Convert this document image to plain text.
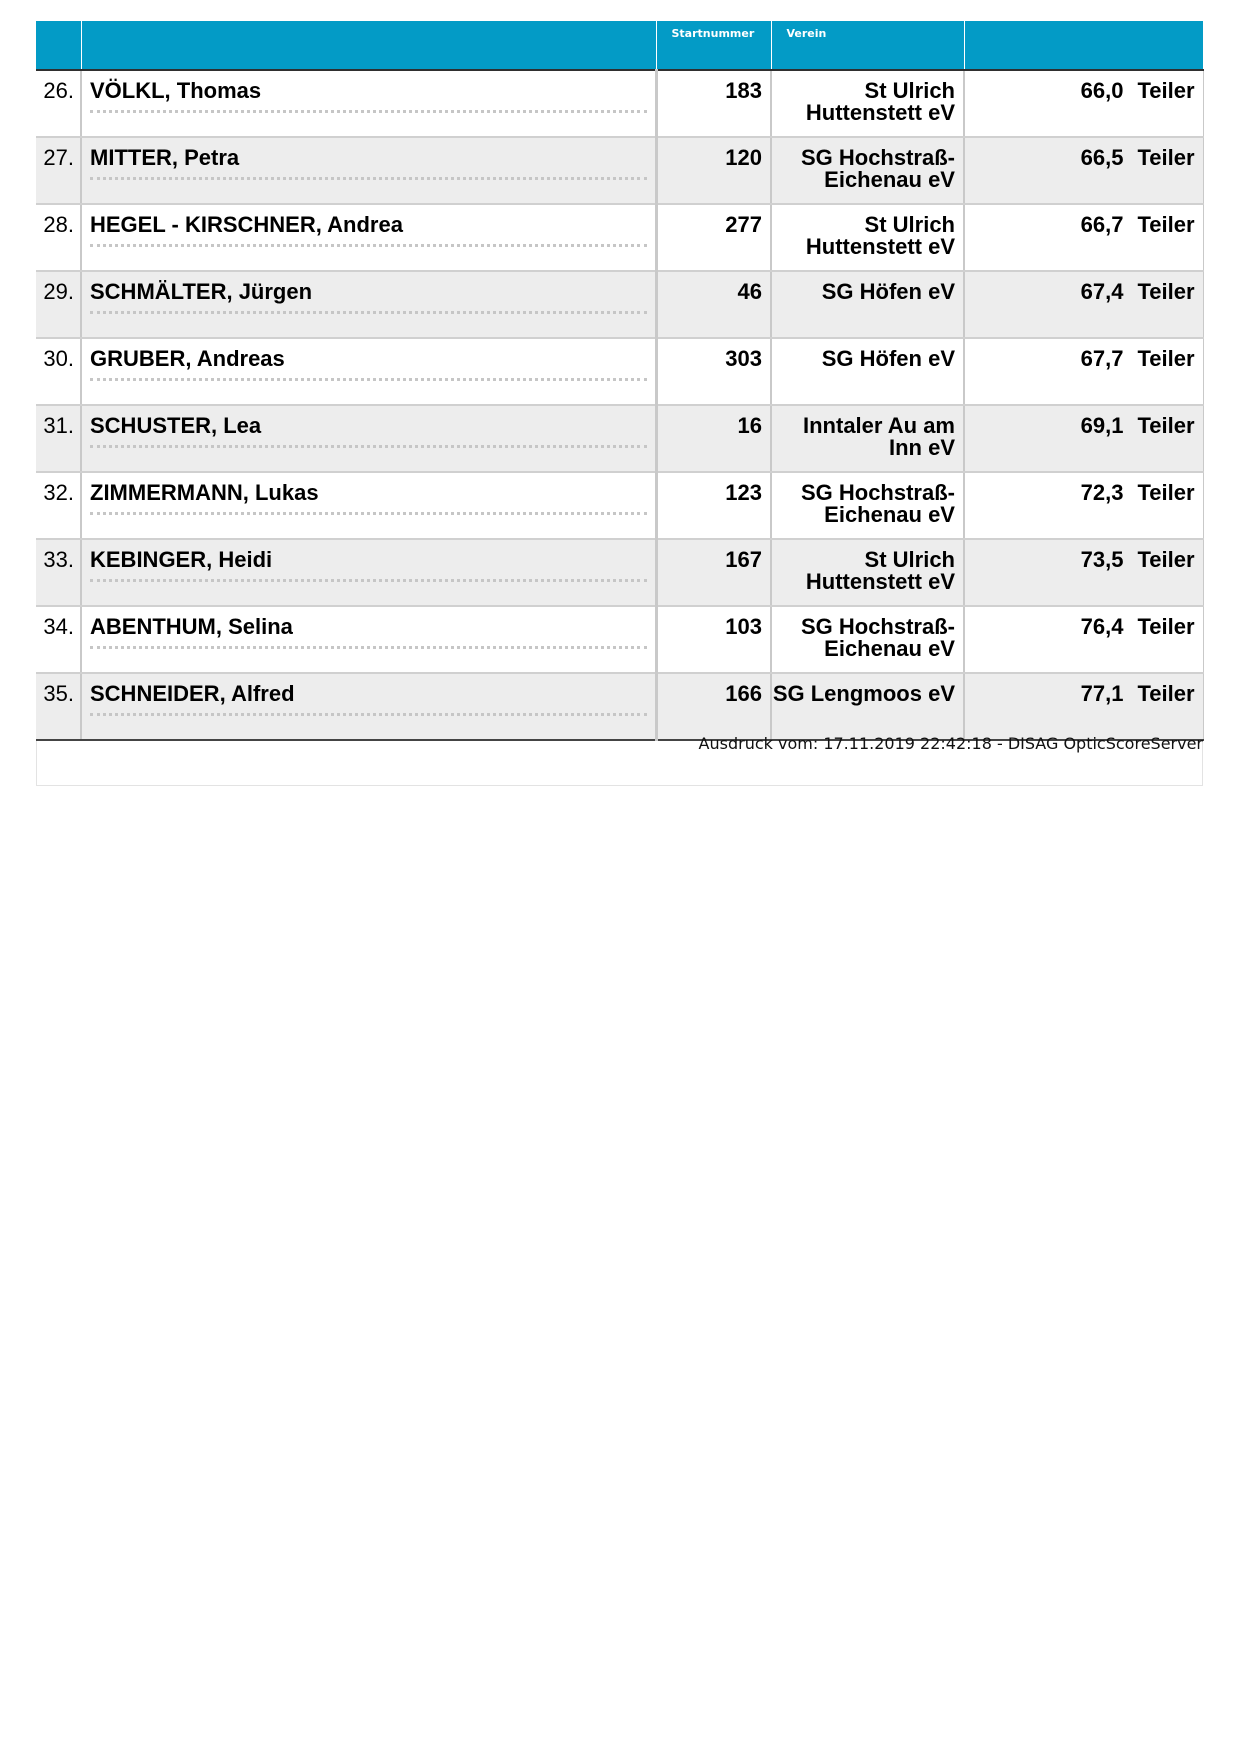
		Startnummer	Verein	

26.	VÖLKL, Thomas	183	St Ulrich Huttenstett eV	66,0 Teiler
27.	MITTER, Petra	120	SG Hochstraß-Eichenau eV	66,5 Teiler
28.	HEGEL - KIRSCHNER, Andrea	277	St Ulrich Huttenstett eV	66,7 Teiler
29.	SCHMÄLTER, Jürgen	46	SG Höfen eV	67,4 Teiler
30.	GRUBER, Andreas	303	SG Höfen eV	67,7 Teiler
31.	SCHUSTER, Lea	16	Inntaler Au am Inn eV	69,1 Teiler
32.	ZIMMERMANN, Lukas	123	SG Hochstraß-Eichenau eV	72,3 Teiler
33.	KEBINGER, Heidi	167	St Ulrich Huttenstett eV	73,5 Teiler
34.	ABENTHUM, Selina	103	SG Hochstraß-Eichenau eV	76,4 Teiler
35.	SCHNEIDER, Alfred	166	SG Lengmoos eV	77,1 Teiler
Ausdruck vom: 17.11.2019 22:42:18 - DISAG OpticScoreServer
